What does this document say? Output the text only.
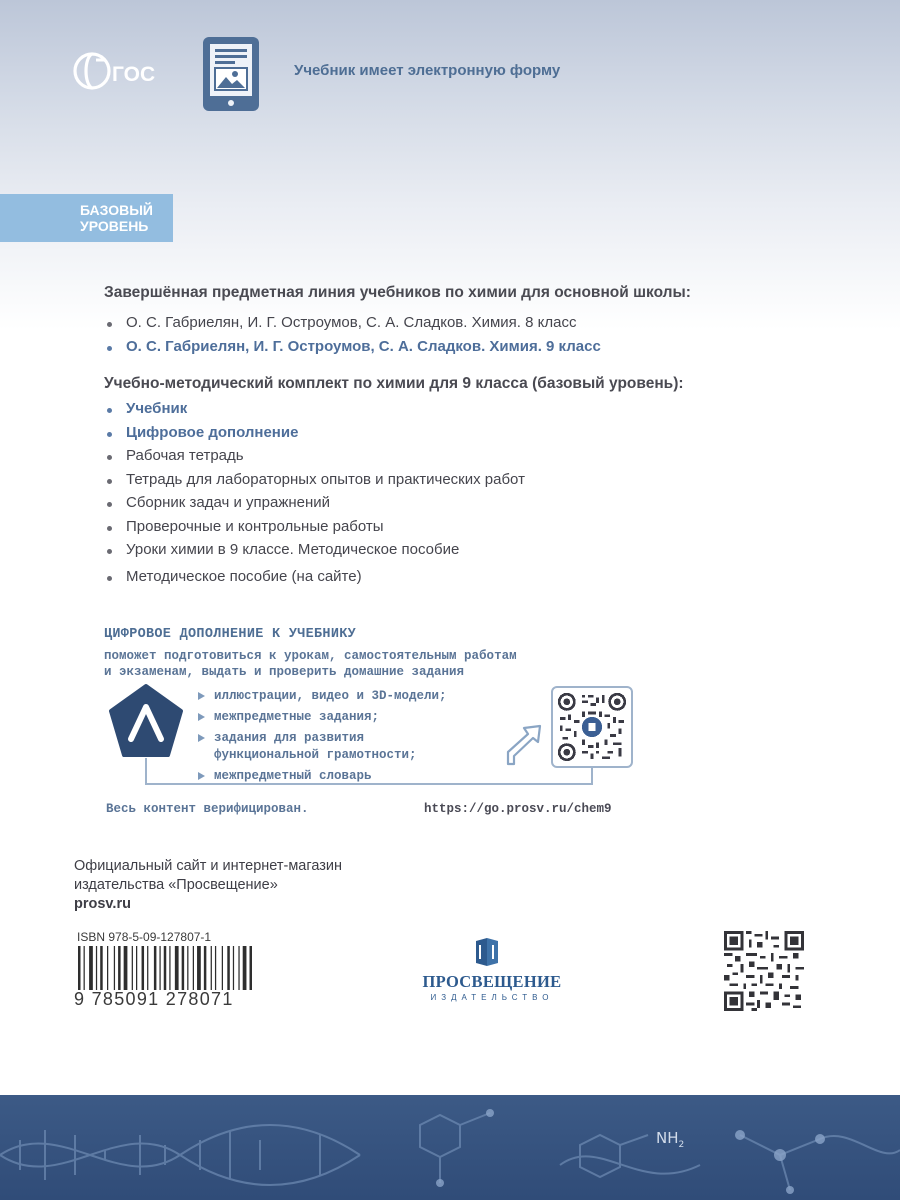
ГОС	Учебник имеет электронную форму
БАЗОВЫЙ
УРОВЕНЬ
Завершённая предметная линия учебников по химии для основной школы:
О. С. Габриелян, И. Г. Остроумов, С. А. Сладков. Химия. 8 класс
О. С. Габриелян, И. Г. Остроумов, С. А. Сладков. Химия. 9 класс
Учебно-методический комплект по химии для 9 класса (базовый уровень):
Учебник
Цифровое дополнение
Рабочая тетрадь
Тетрадь для лабораторных опытов и практических работ
Сборник задач и упражнений
Проверочные и контрольные работы
Уроки химии в 9 классе. Методическое пособие
Методическое пособие (на сайте)
ЦИФРОВОЕ ДОПОЛНЕНИЕ К УЧЕБНИКУ
поможет подготовиться к урокам, самостоятельным работам
и экзаменам, выдать и проверить домашние задания
иллюстрации, видео и 3D-модели;
межпредметные задания;
задания для развития
функциональной грамотности;
межпредметный словарь
Весь контент верифицирован.	https://go.prosv.ru/chem9
Официальный сайт и интернет-магазин
издательства «Просвещение»
prosv.ru
ISBN 978-5-09-127807-1
9 785091 278071
ПРОСВЕЩЕНИЕ
ИЗДАТЕЛЬСТВО
$NH_2$
